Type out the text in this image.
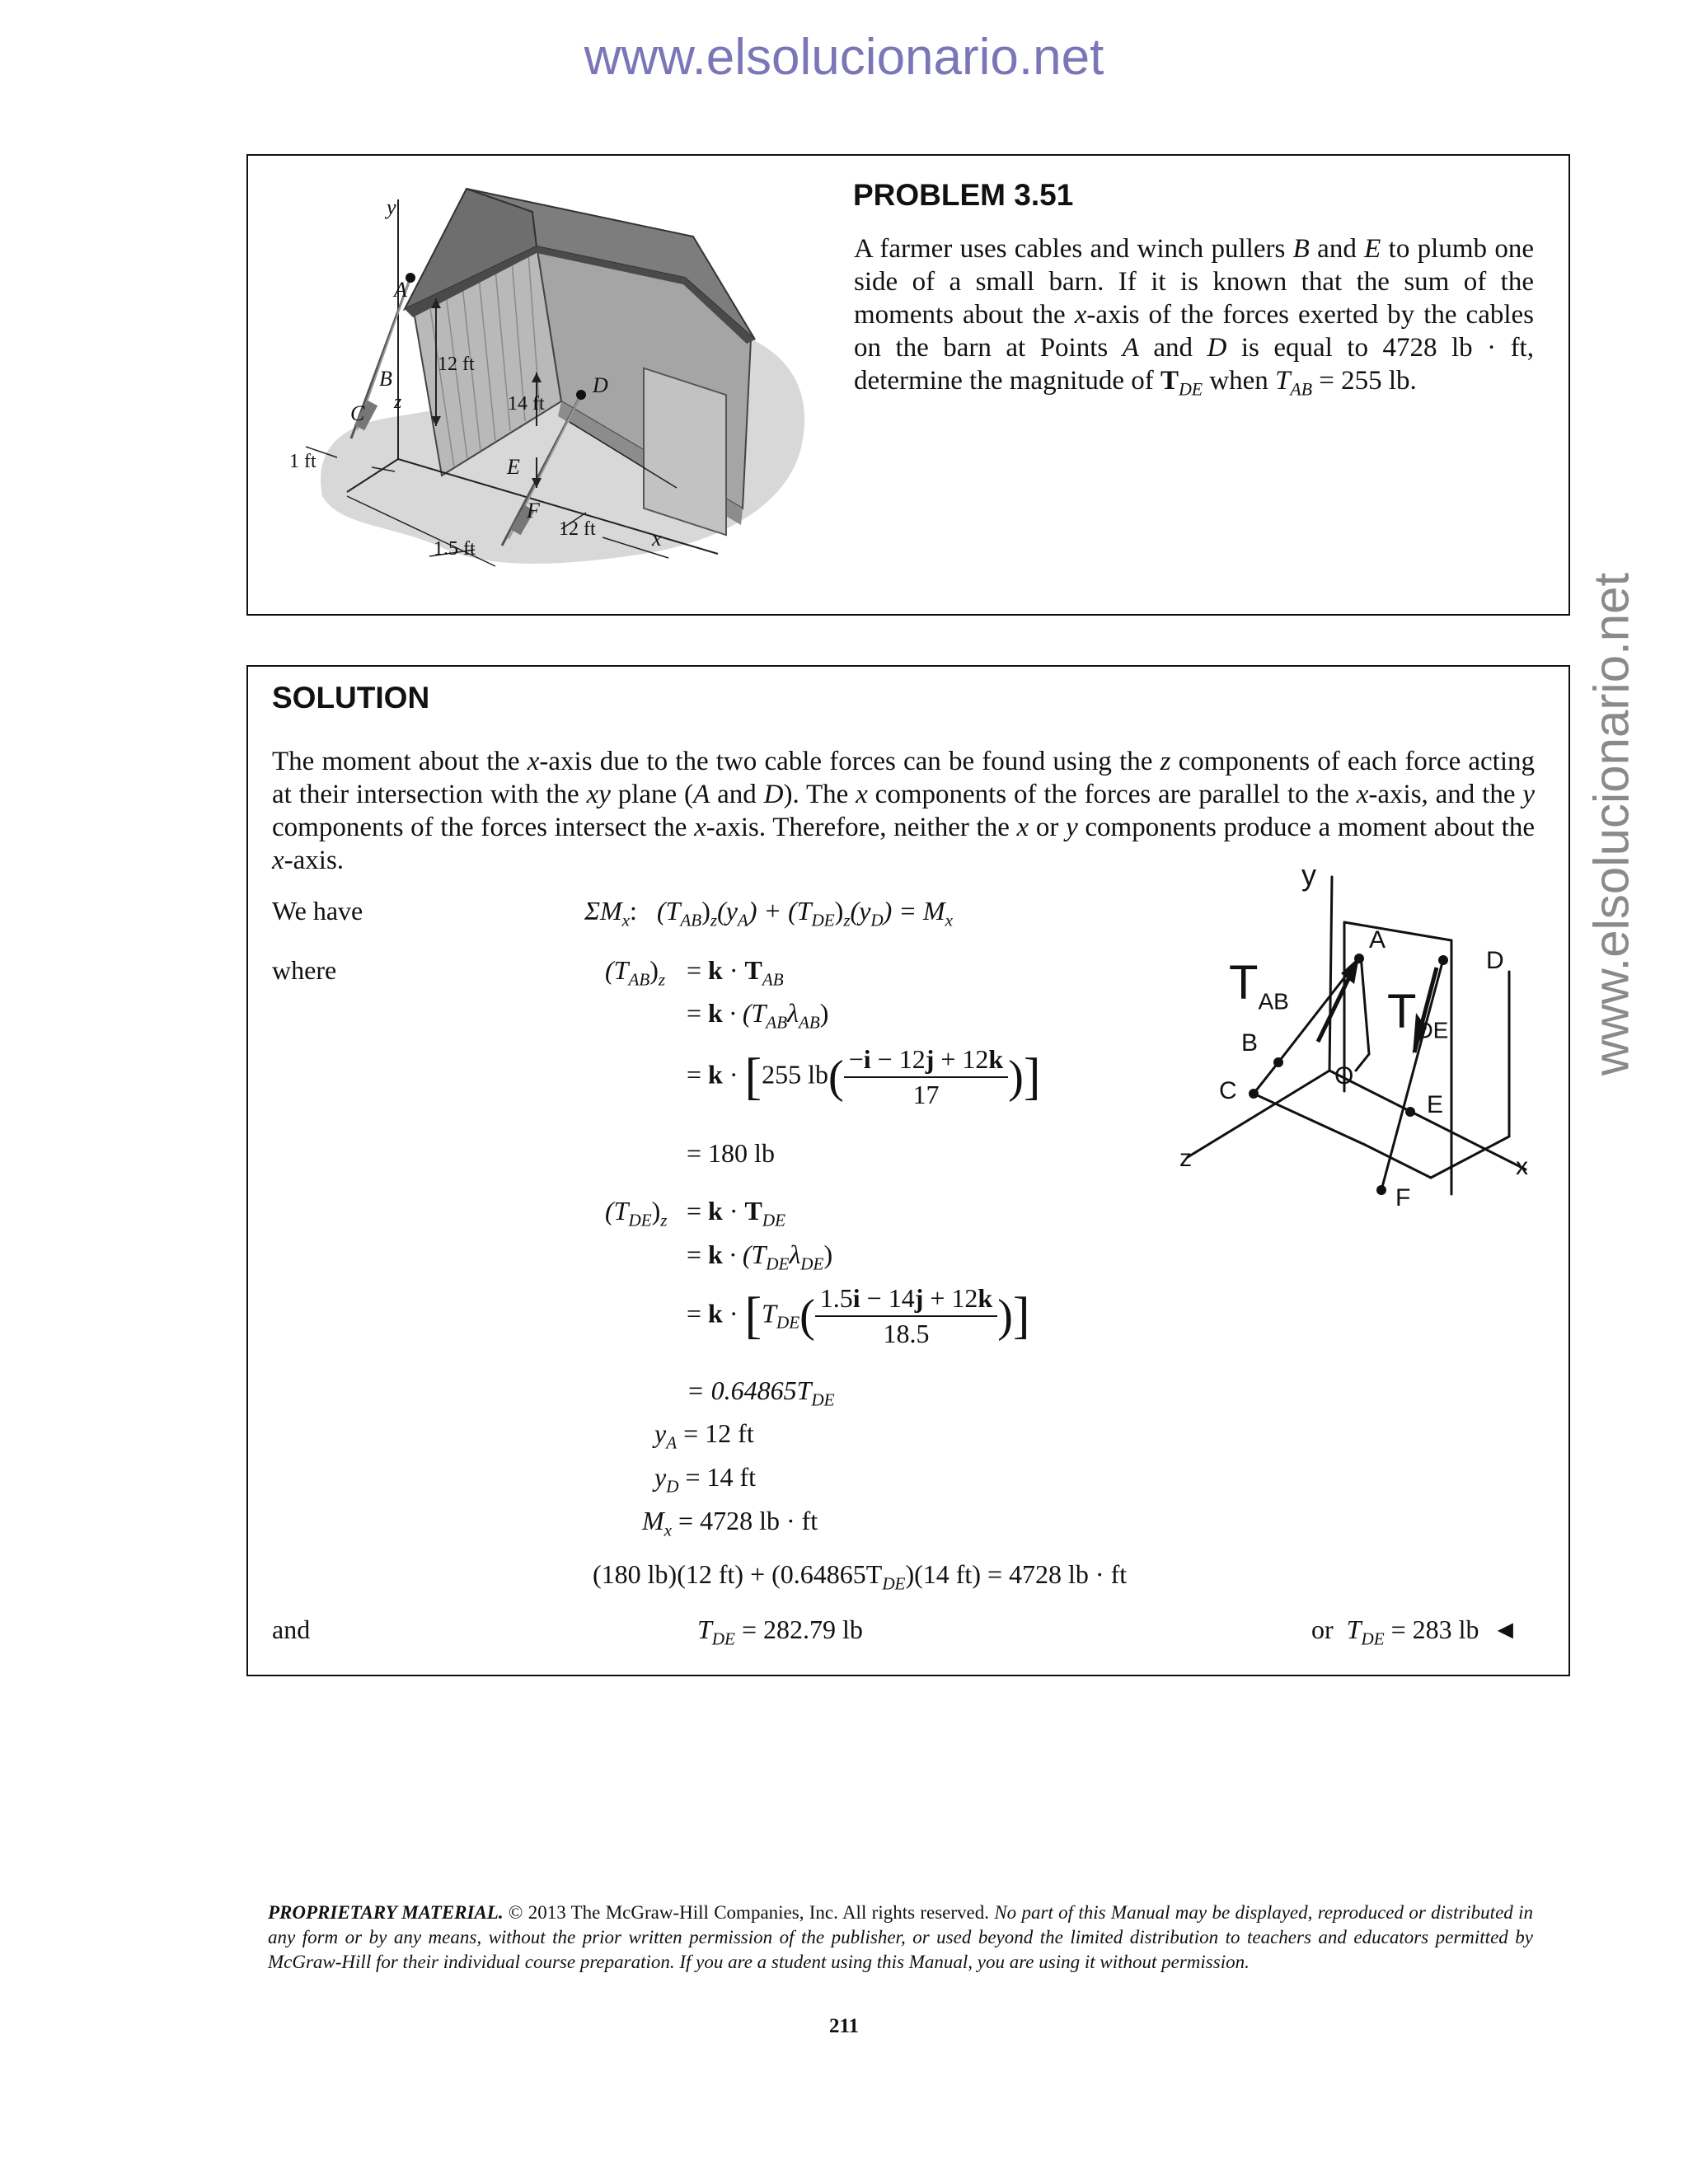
www.elsolucionario.net
www.elsolucionario.net
y
A
B
C z
12 ft
14 ft
D
1 ft	E
F
12 ft	x
1.5 ft
PROBLEM 3.51
A farmer uses cables and winch pullers B and E to plumb one side of a small barn. If it is known that the sum of the moments about the x-axis of the forces exerted by the cables on the barn at Points A and D is equal to 4728 lb · ft, determine the magnitude of $T_{DE}$ when $T_{AB} = 255$ lb.
SOLUTION
The moment about the x-axis due to the two cable forces can be found using the z components of each force acting at their intersection with the xy plane (A and D). The x components of the forces are parallel to the x-axis, and the y components of the forces intersect the x-axis. Therefore, neither the x or y components produce a moment about the x-axis.
We have	$\Sigma M_x$: $(T_{AB})_z(y_A) + (T_{DE})_z(y_D) = M_x$
where	$(T_{AB})_z = k \cdot T_{AB}$
= $k \cdot (T_{AB}\lambda_{AB})$
= k · [255 $lb( \frac{-i - 12j + 12k}{17}$ )]
= 180 lb
$(T_{DE})_z = k \cdot T_{DE}$
= $k \cdot (T_{DE}\lambda_{DE})$
= $k \cdot [T_{DE}( \frac{1.5i - 14j + 12k}{18.5}$ )]
= $0.64865T_{DE}$
$y_A = 12$ ft
$y_D = 14$ ft
$M_x = 4728$ lb · ft
(180 lb)(12 $ft) + (0.64865T_{DE})(14$ ft) = 4728 lb · ft
and	$T_{DE} = 282.79$ lb	or $T_{DE} = 283$ lb ◄
y
A
D
$T_{AB}$ $T_{DE}$
B
O
C
E
z	x
F
PROPRIETARY MATERIAL. © 2013 The McGraw-Hill Companies, Inc. All rights reserved. No part of this Manual may be displayed, reproduced or distributed in any form or by any means, without the prior written permission of the publisher, or used beyond the limited distribution to teachers and educators permitted by McGraw-Hill for their individual course preparation. If you are a student using this Manual, you are using it without permission.
211
